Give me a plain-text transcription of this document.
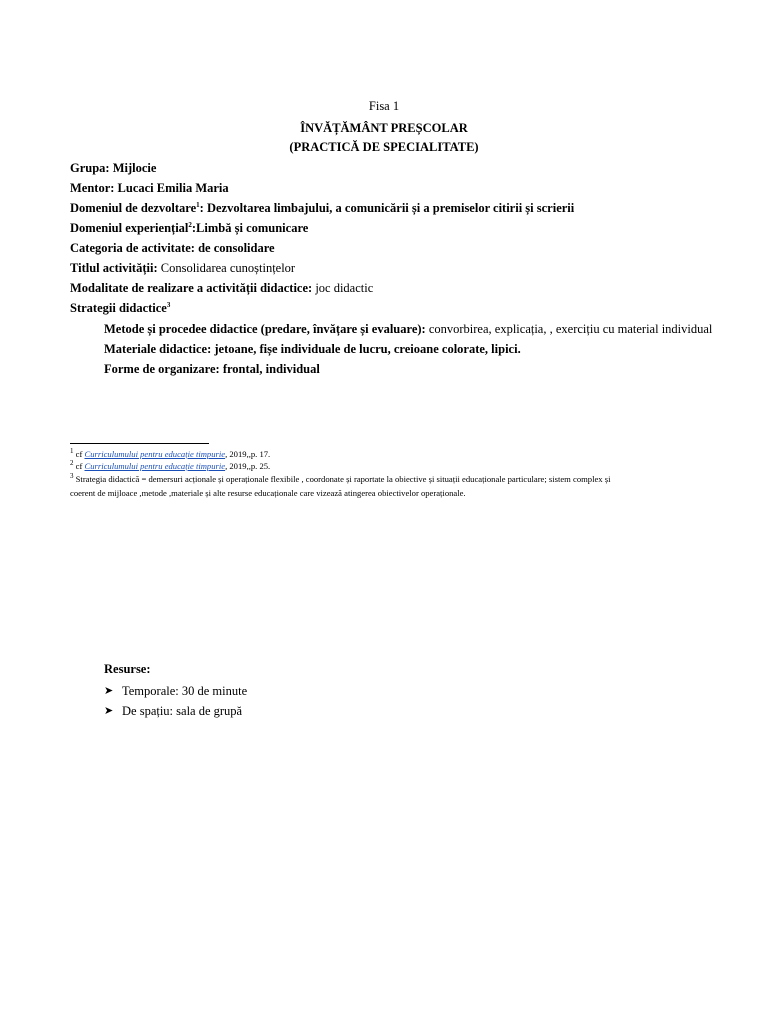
Fisa 1
ÎNVĂȚĂMÂNT PREȘCOLAR
(PRACTICĂ DE SPECIALITATE)
Grupa: Mijlocie
Mentor: Lucaci Emilia Maria
Domeniul de dezvoltare$^1$: Dezvoltarea limbajului, a comunicării și a premiselor citirii și scrierii
Domeniul experiențial$^2$:Limbă și comunicare
Categoria de activitate: de consolidare
Titlul activității: Consolidarea cunoștințelor
Modalitate de realizare a activității didactice: joc didactic
Strategii didactice$^3$
Metode și procedee didactice (predare, învățare și evaluare): convorbirea, explicația, , exercițiu cu material individual
Materiale didactice: jetoane, fișe individuale de lucru, creioane colorate, lipici.
Forme de organizare: frontal, individual
$^1$ cf Curriculumului pentru educație timpurie, 2019,,p. 17.
$^2$ cf Curriculumului pentru educație timpurie, 2019,,p. 25.
$^3$ Strategia didactică = demersuri acționale și operaționale flexibile , coordonate și raportate la obiective și situații educaționale particulare; sistem complex și
coerent de mijloace ,metode ,materiale și alte resurse educaționale care vizează atingerea obiectivelor operaționale.
Resurse:
➤ Temporale: 30 de minute
➤ De spațiu: sala de grupă
